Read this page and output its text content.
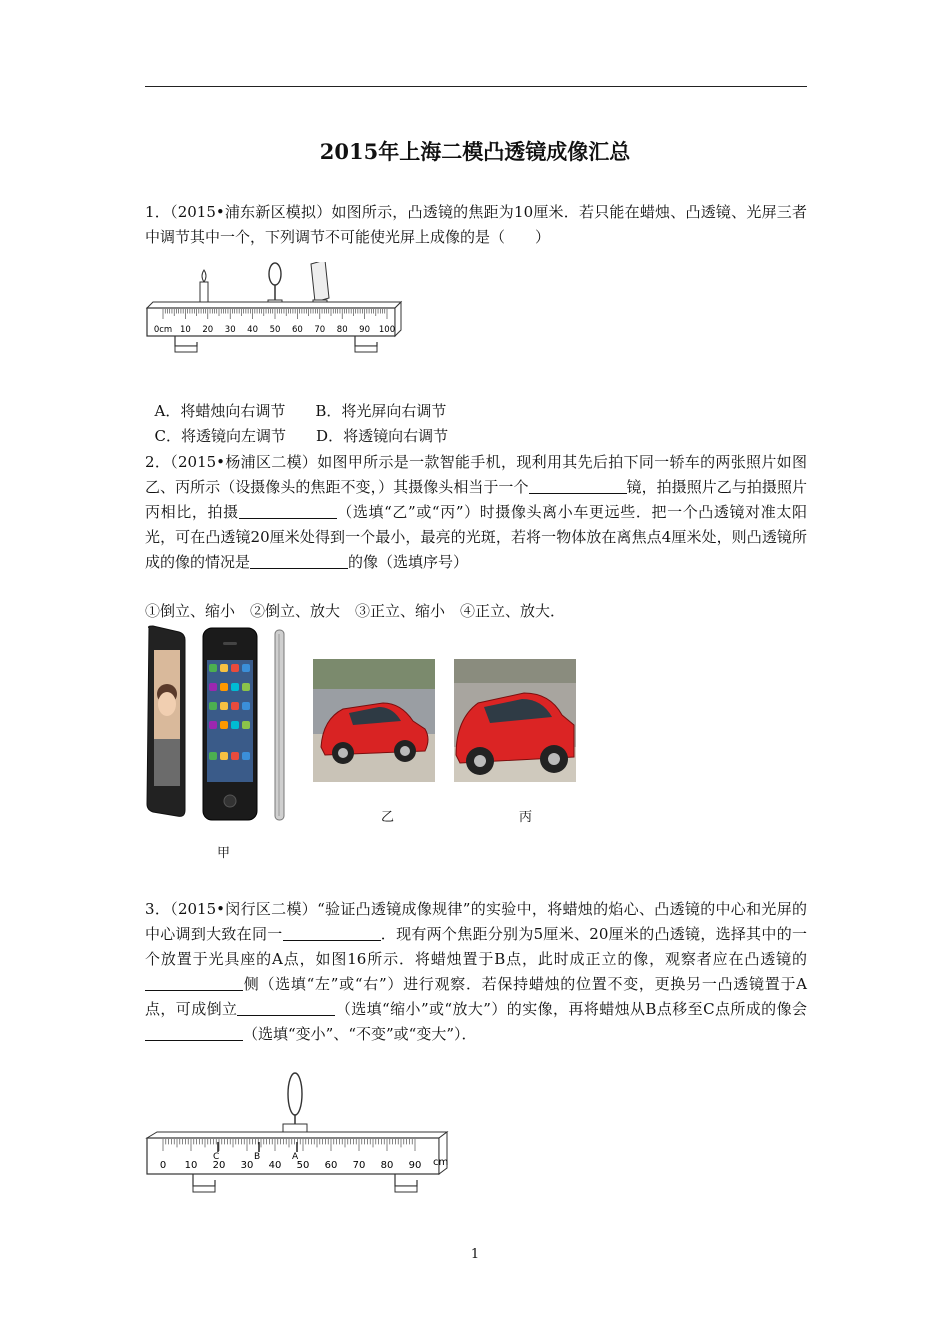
2015年上海二模凸透镜成像汇总

1．（2015•浦东新区模拟）如图所示，凸透镜的焦距为10厘米．若只能在蜡烛、凸透镜、光屏三者中调节其中一个，下列调节不可能使光屏上成像的是（　　）

0cm 10 20 30 40 50 60 70 80 90 100

A．将蜡烛向右调节　　 B．将光屏向右调节

C．将透镜向左调节　　 D．将透镜向右调节

2．（2015•杨浦区二模）如图甲所示是一款智能手机，现利用其先后拍下同一轿车的两张照片如图乙、丙所示（设摄像头的焦距不变，）其摄像头相当于一个	镜，拍摄照片乙与拍摄照片丙相比，拍摄	（选填“乙”或“丙”）时摄像头离小车更远些．把一个凸透镜对准太阳光，可在凸透镜20厘米处得到一个最小，最亮的光斑，若将一物体放在离焦点4厘米处，则凸透镜所成的像的情况是	的像（选填序号）

①倒立、缩小　②倒立、放大　③正立、缩小　④正立、放大．
乙	丙
甲

3．（2015•闵行区二模）“验证凸透镜成像规律”的实验中，将蜡烛的焰心、凸透镜的中心和光屏的中心调到大致在同一	．现有两个焦距分别为5厘米、20厘米的凸透镜，选择其中的一个放置于光具座的A点，如图16所示．将蜡烛置于B点，此时成正立的像，观察者应在凸透镜的侧（选填“左”或“右”）进行观察．若保持蜡烛的位置不变，更换另一凸透镜置于A点，可成倒立	（选填“缩小”或“放大”）的实像，再将蜡烛从B点移至C点所成的像会（选填“变小”、“不变”或“变大”）．

0 10 20 30 40 50 60 70 80 90 cm
C	B	A
1
